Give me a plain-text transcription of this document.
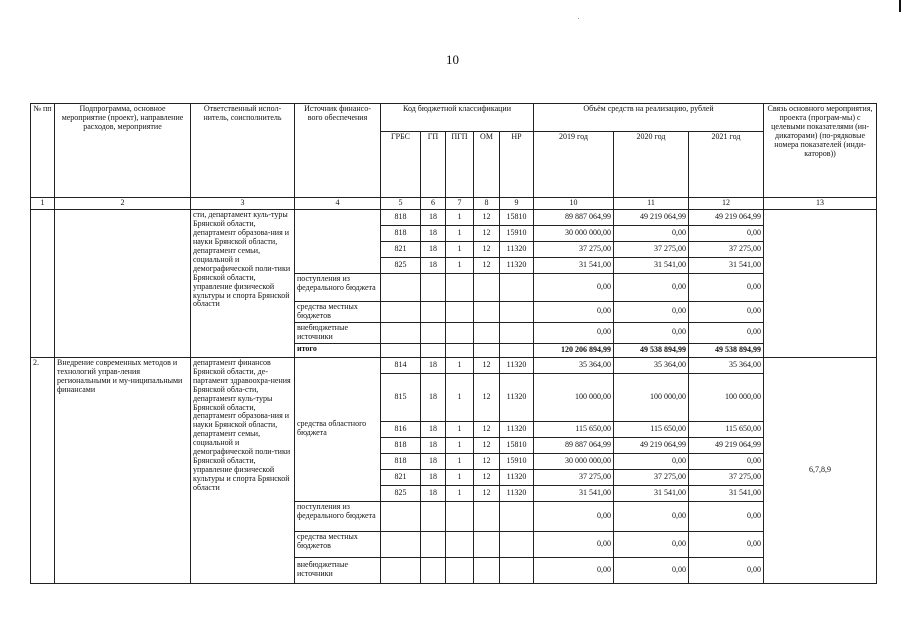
10
№ пп	Подпрограмма, основное мероприятие (проект), направление расходов, мероприятие	Ответственный испол-нитель, соисполнитель	Источник финансо-вого обеспечения	Код бюджетной классификации					Объём средств на реализацию, рублей			Связь основного мероприятия, проекта (програм-мы) с целевыми показателями (ин-дикаторами) (по-рядковые номера показателей (инди-каторов))
				ГРБС	ГП	ПГП	ОМ	НР	2019 год	2020 год	2021 год	
1	2	3	4	5	6	7	8	9	10	11	12	13
		сти, департамент куль-туры Брянской области, департамент образова-ния и науки Брянской области, департамент семьи, социальной и демографической поли-тики Брянской области, управление физической культуры и спорта Брянской области		818	18	1	12	15810	89 887 064,99	49 219 064,99	49 219 064,99	
				818	18	1	12	15910	30 000 000,00	0,00	0,00	
				821	18	1	12	11320	37 275,00	37 275,00	37 275,00	
				825	18	1	12	11320	31 541,00	31 541,00	31 541,00	
			поступления из федерального бюджета						0,00	0,00	0,00	
			средства местных бюджетов						0,00	0,00	0,00	
			внебюджетные источники						0,00	0,00	0,00	
			итого						120 206 894,99	49 538 894,99	49 538 894,99	
2.	Внедрение современных методов и технологий управ-ления региональными и му-ниципальными финансами	департамент финансов Брянской области, де-партамент здравоохра-нения Брянской обла-сти, департамент куль-туры Брянской области, департамент образова-ния и науки Брянской области, департамент семьи, социальной и демографической поли-тики Брянской области, управление физической культуры и спорта Брянской области	средства областного бюджета	814	18	1	12	11320	35 364,00	35 364,00	35 364,00	6,7,8,9
				815	18	1	12	11320	100 000,00	100 000,00	100 000,00	
				816	18	1	12	11320	115 650,00	115 650,00	115 650,00	
				818	18	1	12	15810	89 887 064,99	49 219 064,99	49 219 064,99	
				818	18	1	12	15910	30 000 000,00	0,00	0,00	
				821	18	1	12	11320	37 275,00	37 275,00	37 275,00	
				825	18	1	12	11320	31 541,00	31 541,00	31 541,00	
			поступления из федерального бюджета						0,00	0,00	0,00	
			средства местных бюджетов						0,00	0,00	0,00	
			внебюджетные источники						0,00	0,00	0,00	
